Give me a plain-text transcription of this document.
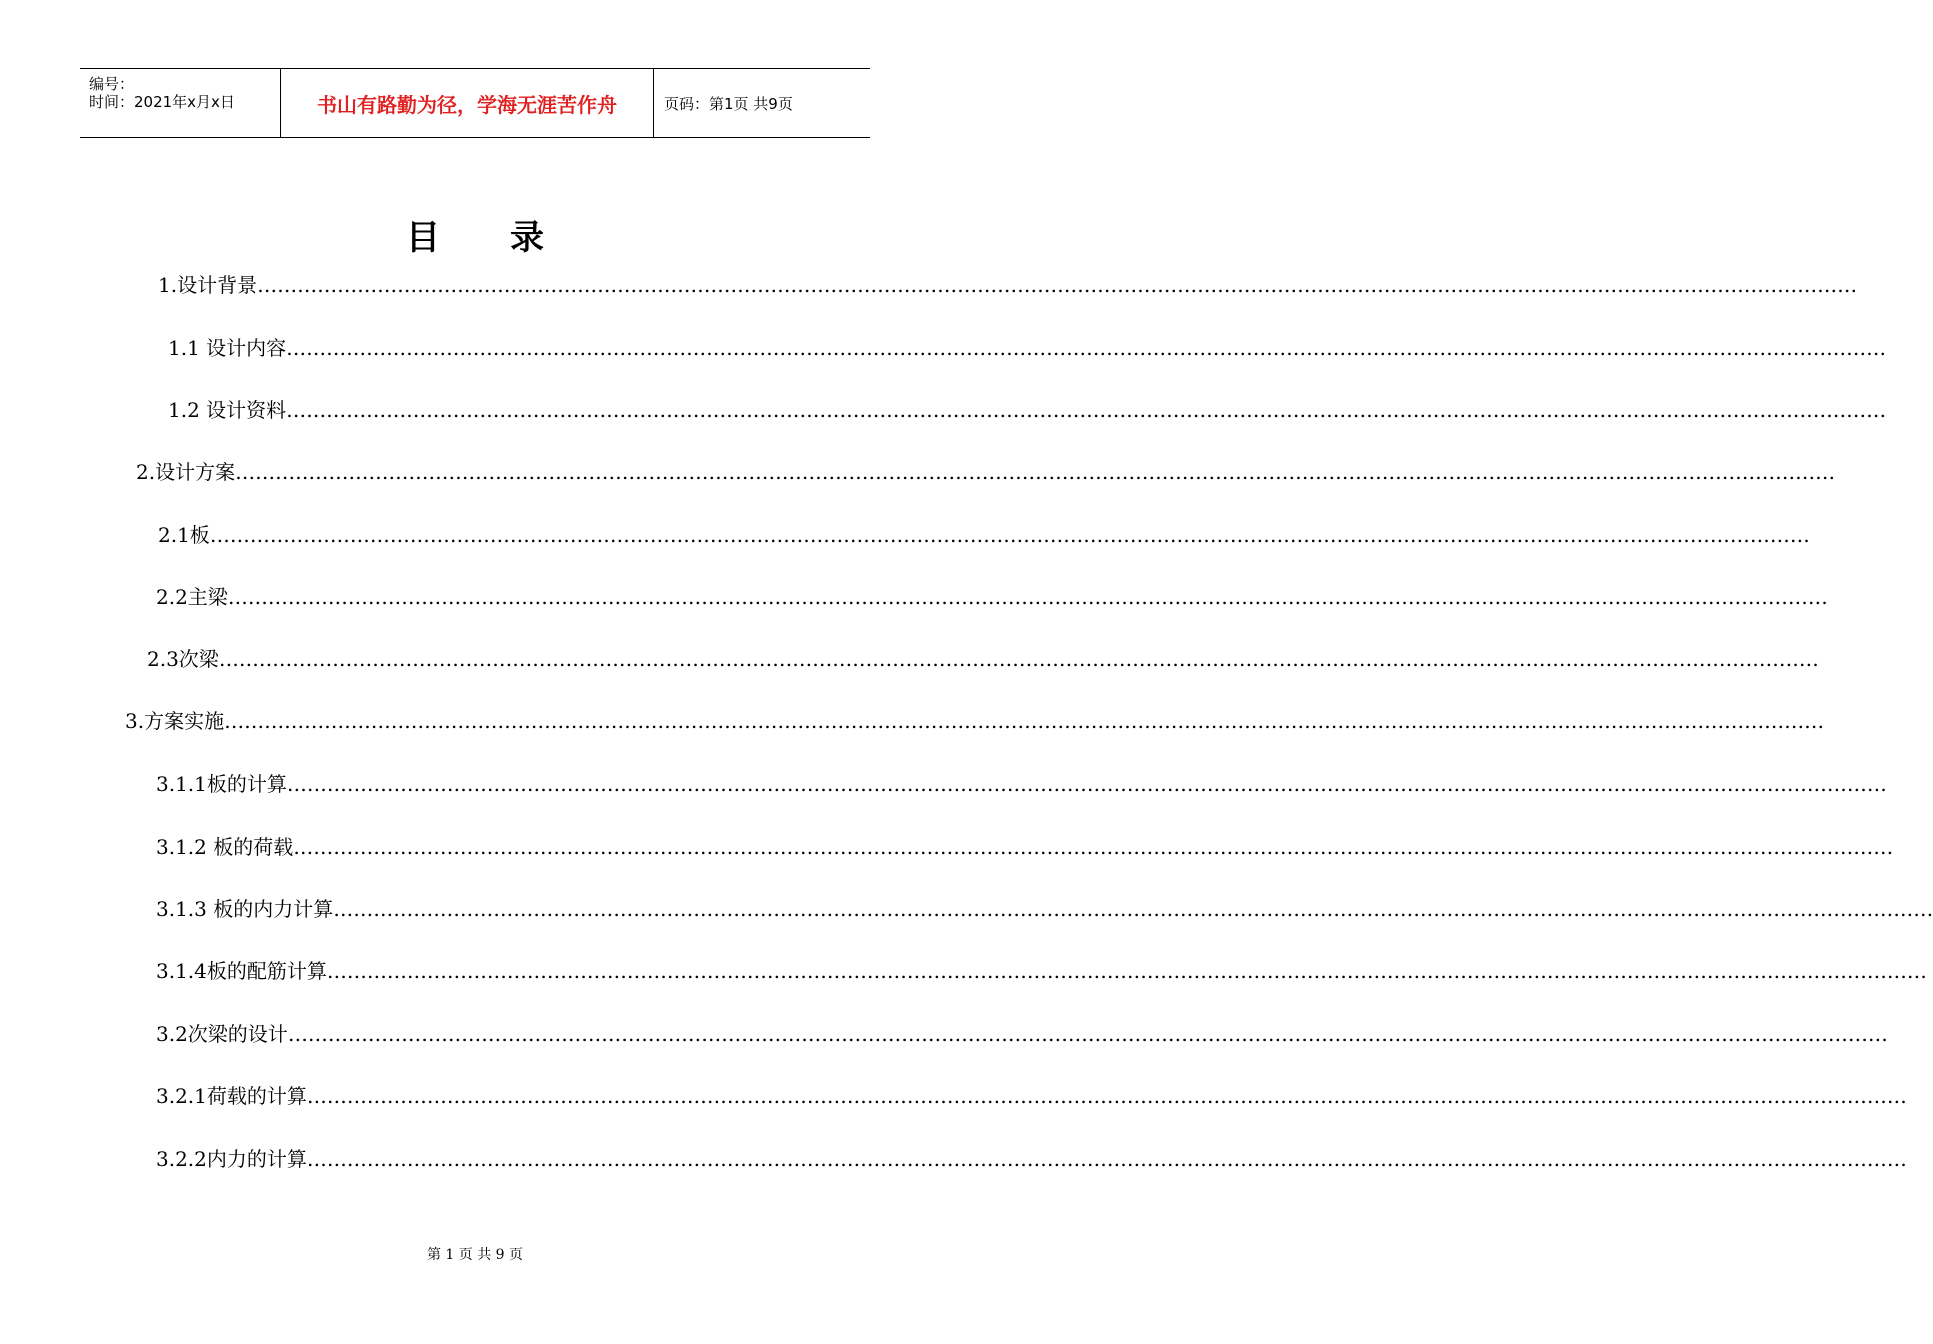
编号：
时间：2021年x月x日	书山有路勤为径，学海无涯苦作舟	页码：第1页 共9页
目 录
1.设计背景……………………………………………………………………………………………………………………………………………………………………………………………………………………
1.1 设计内容……………………………………………………………………………………………………………………………………………………………………………………………………………………
1.2 设计资料……………………………………………………………………………………………………………………………………………………………………………………………………………………
2.设计方案……………………………………………………………………………………………………………………………………………………………………………………………………………………
2.1板……………………………………………………………………………………………………………………………………………………………………………………………………………………
2.2主梁……………………………………………………………………………………………………………………………………………………………………………………………………………………
2.3次梁……………………………………………………………………………………………………………………………………………………………………………………………………………………
3.方案实施……………………………………………………………………………………………………………………………………………………………………………………………………………………
3.1.1板的计算……………………………………………………………………………………………………………………………………………………………………………………………………………………
3.1.2 板的荷载……………………………………………………………………………………………………………………………………………………………………………………………………………………
3.1.3 板的内力计算……………………………………………………………………………………………………………………………………………………………………………………………………………………
3.1.4板的配筋计算……………………………………………………………………………………………………………………………………………………………………………………………………………………
3.2次梁的设计……………………………………………………………………………………………………………………………………………………………………………………………………………………
3.2.1荷载的计算……………………………………………………………………………………………………………………………………………………………………………………………………………………
3.2.2内力的计算……………………………………………………………………………………………………………………………………………………………………………………………………………………
第 1 页 共 9 页
